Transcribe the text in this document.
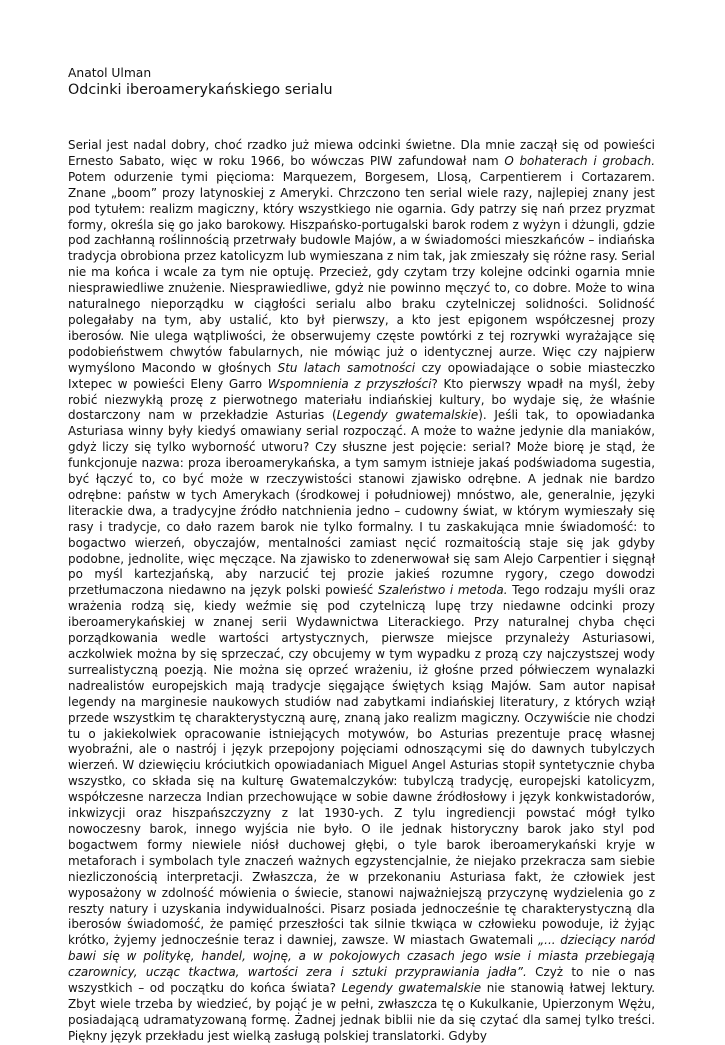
Anatol Ulman

Odcinki iberoamerykańskiego serialu
Serial jest nadal dobry, choć rzadko już miewa odcinki świetne. Dla mnie zaczął się od powieści Ernesto Sabato, więc w roku 1966, bo wówczas PIW zafundował nam O bohaterach i grobach. Potem odurzenie tymi pięcioma: Marquezem, Borgesem, Llosą, Carpentierem i Cortazarem. Znane „boom” prozy latynoskiej z Ameryki. Chrzczono ten serial wiele razy, najlepiej znany jest pod tytułem: realizm magiczny, który wszystkiego nie ogarnia. Gdy patrzy się nań przez pryzmat formy, określa się go jako barokowy. Hiszpańsko-portugalski barok rodem z wyżyn i dżungli, gdzie pod zachłanną roślinnością przetrwały budowle Majów, a w świadomości mieszkańców – indiańska tradycja obrobiona przez katolicyzm lub wymieszana z nim tak, jak zmieszały się różne rasy. Serial nie ma końca i wcale za tym nie optuję. Przecież, gdy czytam trzy kolejne odcinki ogarnia mnie niesprawiedliwe znużenie. Niesprawiedliwe, gdyż nie powinno męczyć to, co dobre. Może to wina naturalnego nieporządku w ciągłości serialu albo braku czytelniczej solidności. Solidność polegałaby na tym, aby ustalić, kto był pierwszy, a kto jest epigonem współczesnej prozy iberosów. Nie ulega wątpliwości, że obserwujemy częste powtórki z tej rozrywki wyrażające się podobieństwem chwytów fabularnych, nie mówiąc już o identycznej aurze. Więc czy najpierw wymyślono Macondo w głośnych Stu latach samotności czy opowiadające o sobie miasteczko Ixtepec w powieści Eleny Garro Wspomnienia z przyszłości? Kto pierwszy wpadł na myśl, żeby robić niezwykłą prozę z pierwotnego materiału indiańskiej kultury, bo wydaje się, że właśnie dostarczony nam w przekładzie Asturias (Legendy gwatemalskie). Jeśli tak, to opowiadanka Asturiasa winny były kiedyś omawiany serial rozpocząć. A może to ważne jedynie dla maniaków, gdyż liczy się tylko wyborność utworu? Czy słuszne jest pojęcie: serial? Może biorę je stąd, że funkcjonuje nazwa: proza iberoamerykańska, a tym samym istnieje jakaś podświadoma sugestia, być łączyć to, co być może w rzeczywistości stanowi zjawisko odrębne. A jednak nie bardzo odrębne: państw w tych Amerykach (środkowej i południowej) mnóstwo, ale, generalnie, języki literackie dwa, a tradycyjne źródło natchnienia jedno – cudowny świat, w którym wymieszały się rasy i tradycje, co dało razem barok nie tylko formalny. I tu zaskakująca mnie świadomość: to bogactwo wierzeń, obyczajów, mentalności zamiast nęcić rozmaitością staje się jak gdyby podobne, jednolite, więc męczące. Na zjawisko to zdenerwował się sam Alejo Carpentier i sięgnął po myśl kartezjańską, aby narzucić tej prozie jakieś rozumne rygory, czego dowodzi przetłumaczona niedawno na język polski powieść Szaleństwo i metoda. Tego rodzaju myśli oraz wrażenia rodzą się, kiedy weźmie się pod czytelniczą lupę trzy niedawne odcinki prozy iberoamerykańskiej w znanej serii Wydawnictwa Literackiego. Przy naturalnej chyba chęci porządkowania wedle wartości artystycznych, pierwsze miejsce przynależy Asturiasowi, aczkolwiek można by się sprzeczać, czy obcujemy w tym wypadku z prozą czy najczystszej wody surrealistyczną poezją. Nie można się oprzeć wrażeniu, iż głośne przed półwieczem wynalazki nadrealistów europejskich mają tradycje sięgające świętych ksiąg Majów. Sam autor napisał legendy na marginesie naukowych studiów nad zabytkami indiańskiej literatury, z których wziął przede wszystkim tę charakterystyczną aurę, znaną jako realizm magiczny. Oczywiście nie chodzi tu o jakiekolwiek opracowanie istniejących motywów, bo Asturias prezentuje pracę własnej wyobraźni, ale o nastrój i język przepojony pojęciami odnoszącymi się do dawnych tubylczych wierzeń. W dziewięciu króciutkich opowiadaniach Miguel Angel Asturias stopił syntetycznie chyba wszystko, co składa się na kulturę Gwatemalczyków: tubylczą tradycję, europejski katolicyzm, współczesne narzecza Indian przechowujące w sobie dawne źródłosłowy i język konkwistadorów, inkwizycji oraz hiszpańszczyzny z lat 1930-ych. Z tylu ingrediencji powstać mógł tylko nowoczesny barok, innego wyjścia nie było. O ile jednak historyczny barok jako styl pod bogactwem formy niewiele niósł duchowej głębi, o tyle barok iberoamerykański kryje w metaforach i symbolach tyle znaczeń ważnych egzystencjalnie, że niejako przekracza sam siebie niezliczonością interpretacji. Zwłaszcza, że w przekonaniu Asturiasa fakt, że człowiek jest wyposażony w zdolność mówienia o świecie, stanowi najważniejszą przyczynę wydzielenia go z reszty natury i uzyskania indywidualności. Pisarz posiada jednocześnie tę charakterystyczną dla iberosów świadomość, że pamięć przeszłości tak silnie tkwiąca w człowieku powoduje, iż żyjąc krótko, żyjemy jednocześnie teraz i dawniej, zawsze. W miastach Gwatemali „... dzieciący naród bawi się w politykę, handel, wojnę, a w pokojowych czasach jego wsie i miasta przebiegają czarownicy, ucząc tkactwa, wartości zera i sztuki przyprawiania jadła”. Czyż to nie o nas wszystkich – od początku do końca świata? Legendy gwatemalskie nie stanowią łatwej lektury. Zbyt wiele trzeba by wiedzieć, by pojąć je w pełni, zwłaszcza tę o Kukulkanie, Upierzonym Wężu, posiadającą udramatyzowaną formę. Żadnej jednak biblii nie da się czytać dla samej tylko treści. Piękny język przekładu jest wielką zasługą polskiej translatorki. Gdyby
